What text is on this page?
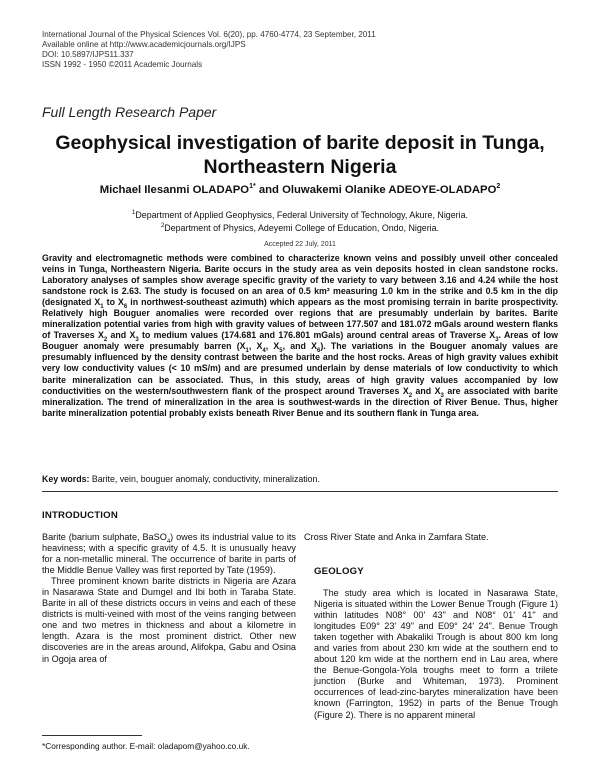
International Journal of the Physical Sciences Vol. 6(20), pp. 4760-4774, 23 September, 2011
Available online at http://www.academicjournals.org/IJPS
DOI: 10.5897/IJPS11.337
ISSN 1992 - 1950 ©2011 Academic Journals
Full Length Research Paper
Geophysical investigation of barite deposit in Tunga,
Northeastern Nigeria
Michael Ilesanmi $OLADAPO^{1*}$ and Oluwakemi Olanike ADEOYE-OLADAPO$^2$
$^1$Department of Applied Geophysics, Federal University of Technology, Akure, Nigeria.
$^2$Department of Physics, Adeyemi College of Education, Ondo, Nigeria.
Accepted 22 July, 2011

Gravity and electromagnetic methods were combined to characterize known veins and possibly unveil other concealed veins in Tunga, Northeastern Nigeria. Barite occurs in the study area as vein deposits hosted in clean sandstone rocks. Laboratory analyses of samples show average specific gravity of the variety to vary between 3.16 and 4.24 while the host sandstone rock is 2.63. The study is focused on an area of 0.5 km² measuring 1.0 km in the strike and 0.5 km in the dip (designated $X_1$ to $X_6$ in northwest-southeast azimuth) which appears as the most promising terrain in barite prospectivity. Relatively high Bouguer anomalies were recorded over regions that are presumably underlain by barites. Barite mineralization potential varies from high with gravity values of between 177.507 and 181.072 mGals around western flanks of Traverses $X_2$ and $X_3$ to medium values (174.681 and 176.801 mGals) around central areas of Traverse $X_3$. Areas of low Bouguer anomaly were presumably barren ($X_1$, $X_4$, $X_5$, and $X_6$). The variations in the Bouguer anomaly values are presumably influenced by the density contrast between the barite and the host rocks. Areas of high gravity values exhibit very low conductivity values (< 10 mS/m) and are presumed underlain by dense materials of low conductivity to which barite mineralization can be associated. Thus, in this study, areas of high gravity values accompanied by low conductivities on the western/southwestern flank of the prospect around Traverses $X_2$ and $X_3$ are associated with barite mineralization. The trend of mineralization in the area is southwest-wards in the direction of River Benue. Thus, higher barite mineralization potential probably exists beneath River Benue and its southern flank in Tunga area.

Key words: Barite, vein, bouguer anomaly, conductivity, mineralization.
INTRODUCTION

Barite (barium sulphate, BaSO$_4$) owes its industrial value to its heaviness; with a specific gravity of 4.5. It is unusually heavy for a non-metallic mineral. The occurrence of barite in parts of the Middle Benue Valley was first reported by Tate (1959).

Three prominent known barite districts in Nigeria are Azara in Nasarawa State and Dumgel and Ibi both in Taraba State. Barite in all of these districts occurs in veins and each of these districts is multi-veined with most of the veins ranging between one and two metres in thickness and about a kilometre in length. Azara is the most prominent district. Other new discoveries are in the areas around, Alifokpa, Gabu and Osina in Ogoja area of

Cross River State and Anka in Zamfara State.

GEOLOGY

The study area which is located in Nasarawa State, Nigeria is situated within the Lower Benue Trough (Figure 1) within latitudes N08° 00' 43" and N08° 01' 41" and longitudes E09° 23' 49" and E09° 24' 24". Benue Trough taken together with Abakaliki Trough is about 800 km long and varies from about 230 km wide at the southern end to about 120 km wide at the northern end in Lau area, where the Benue-Gongola-Yola troughs meet to form a trilete junction (Burke and Whiteman, 1973). Prominent occurrences of lead-zinc-barytes mineralization have been known (Farrington, 1952) in parts of the Benue Trough (Figure 2). There is no apparent mineral

*Corresponding author. E-mail: oladapom@yahoo.co.uk.
